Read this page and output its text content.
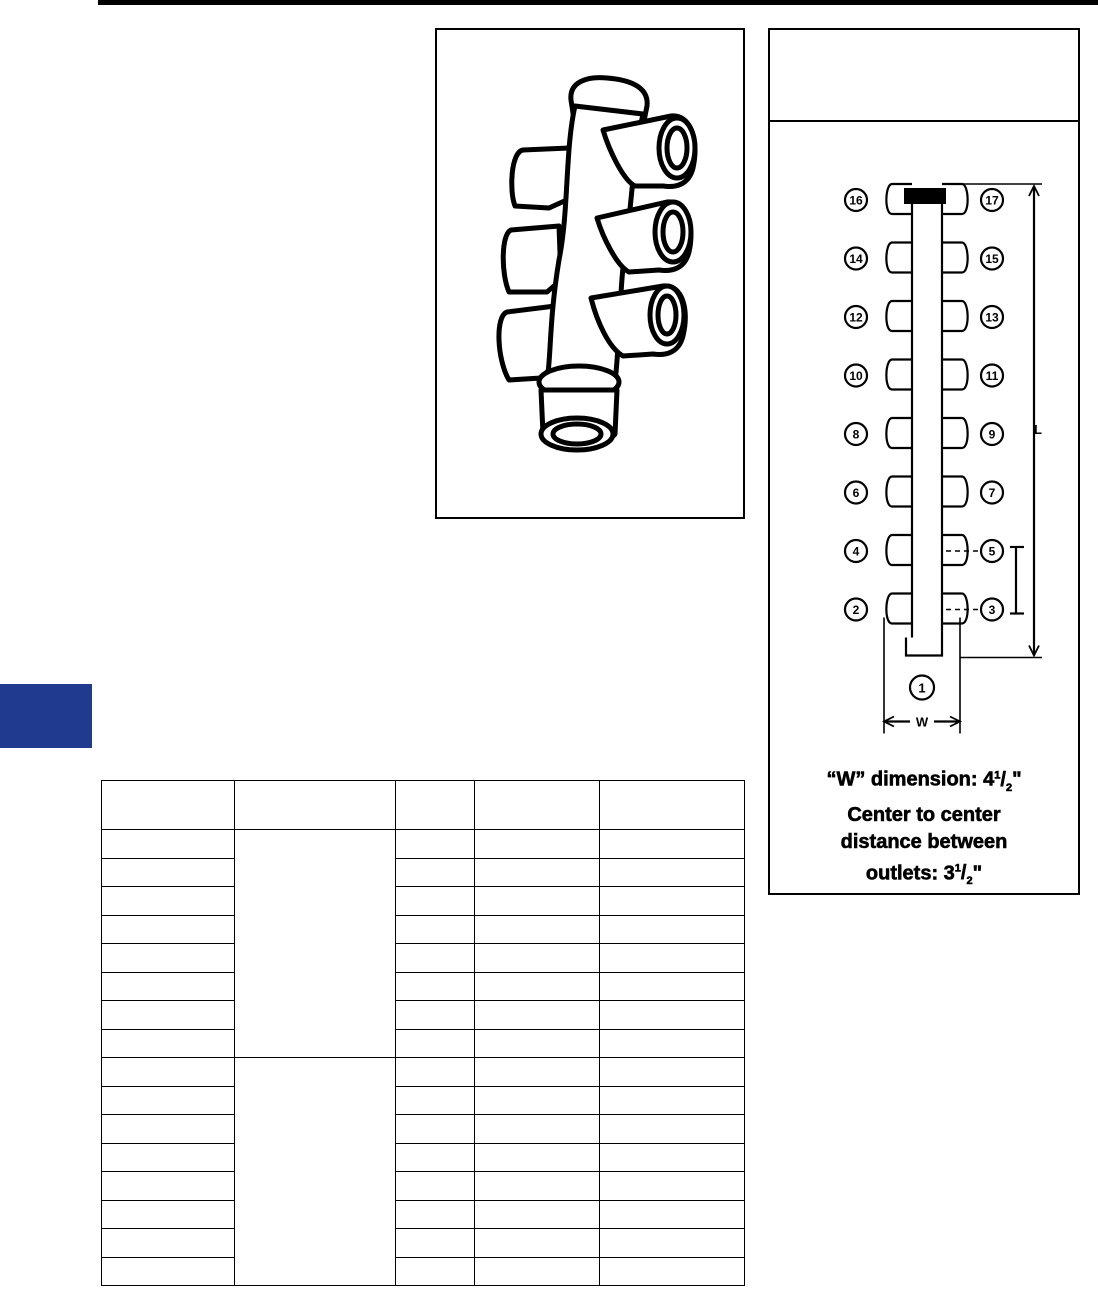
16	17
14	15
12	13
10	11
8	9
6	7
4	5
2	3
L
1
W
“W” dimension: $4^1/_2$"
Center to center
distance between
outlets: $3^1/_2$"
